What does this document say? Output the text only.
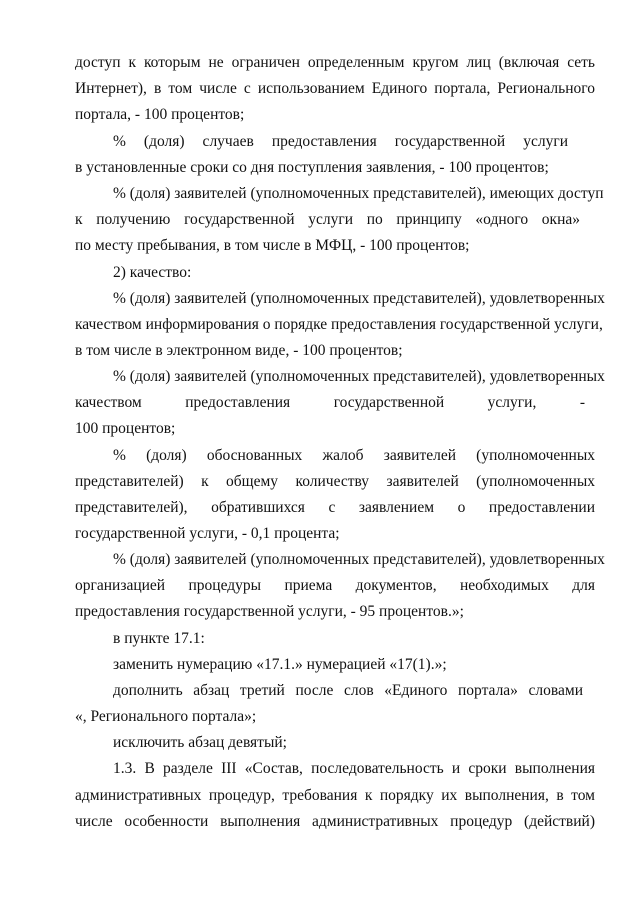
доступ к которым не ограничен определенным кругом лиц (включая сеть
Интернет), в том числе с использованием Единого портала, Регионального
портала, - 100 процентов;
% (доля) случаев предоставления государственной услуги
в установленные сроки со дня поступления заявления, - 100 процентов;
% (доля) заявителей (уполномоченных представителей), имеющих доступ
к получению государственной услуги по принципу «одного окна»
по месту пребывания, в том числе в МФЦ, - 100 процентов;
2) качество:
% (доля) заявителей (уполномоченных представителей), удовлетворенных
качеством информирования о порядке предоставления государственной услуги,
в том числе в электронном виде, - 100 процентов;
% (доля) заявителей (уполномоченных представителей), удовлетворенных
качеством предоставления государственной услуги, -
100 процентов;
% (доля) обоснованных жалоб заявителей (уполномоченных
представителей) к общему количеству заявителей (уполномоченных
представителей), обратившихся с заявлением о предоставлении
государственной услуги, - 0,1 процента;
% (доля) заявителей (уполномоченных представителей), удовлетворенных
организацией процедуры приема документов, необходимых для
предоставления государственной услуги, - 95 процентов.»;
в пункте 17.1:
заменить нумерацию «17.1.» нумерацией «17(1).»;
дополнить абзац третий после слов «Единого портала» словами
«, Регионального портала»;
исключить абзац девятый;
1.3. В разделе III «Состав, последовательность и сроки выполнения
административных процедур, требования к порядку их выполнения, в том
числе особенности выполнения административных процедур (действий)
